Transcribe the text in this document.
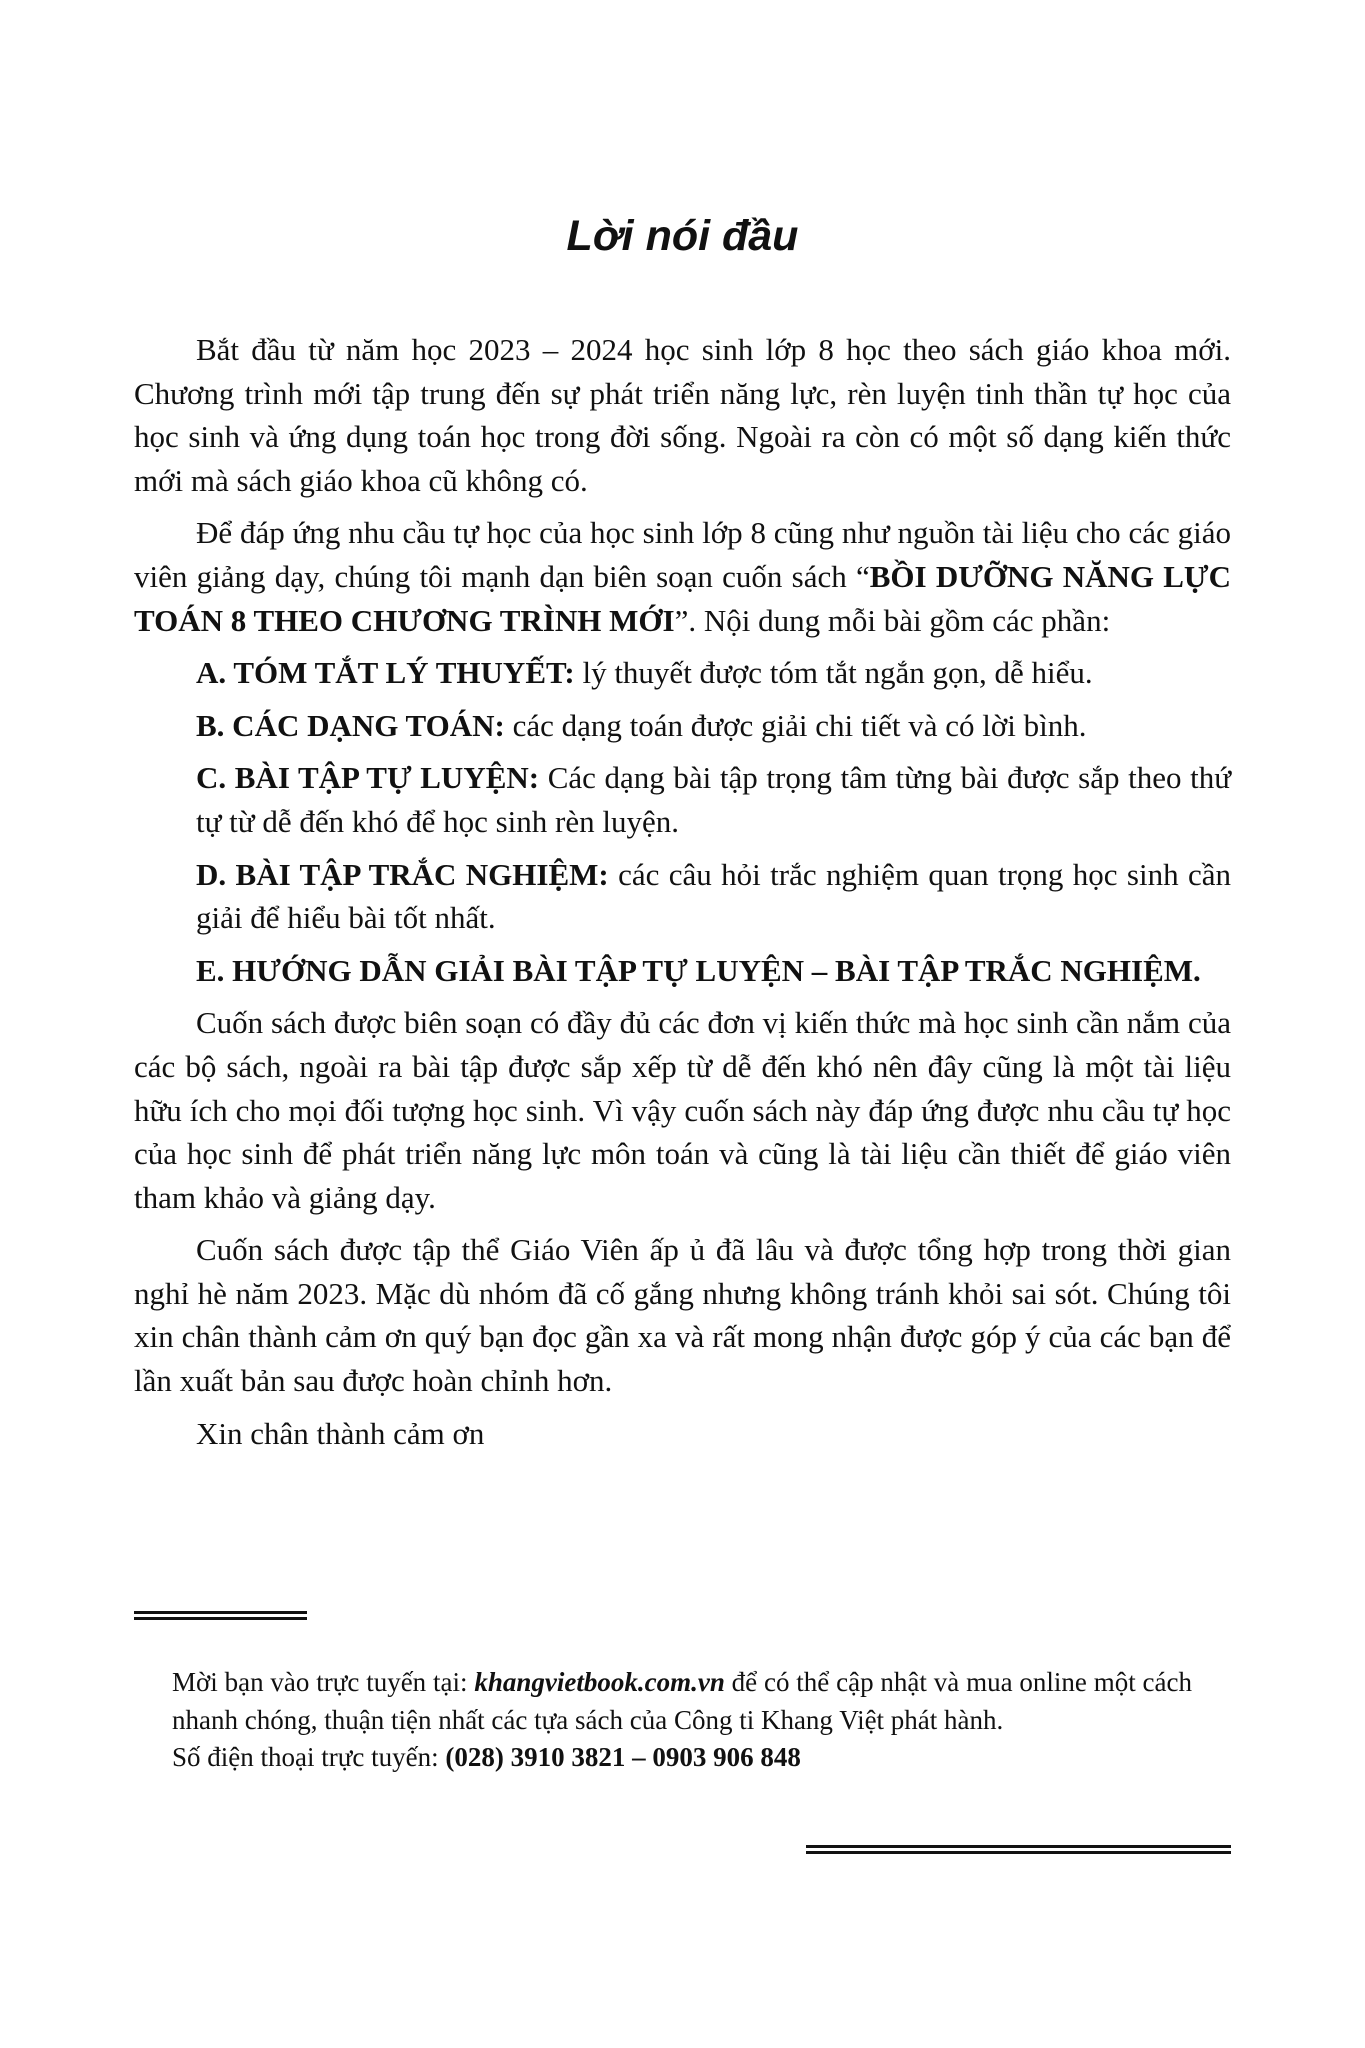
Lời nói đầu

Bắt đầu từ năm học 2023 – 2024 học sinh lớp 8 học theo sách giáo khoa mới. Chương trình mới tập trung đến sự phát triển năng lực, rèn luyện tinh thần tự học của học sinh và ứng dụng toán học trong đời sống. Ngoài ra còn có một số dạng kiến thức mới mà sách giáo khoa cũ không có.

Để đáp ứng nhu cầu tự học của học sinh lớp 8 cũng như nguồn tài liệu cho các giáo viên giảng dạy, chúng tôi mạnh dạn biên soạn cuốn sách “BỒI DƯỠNG NĂNG LỰC TOÁN 8 THEO CHƯƠNG TRÌNH MỚI”. Nội dung mỗi bài gồm các phần:

A. TÓM TẮT LÝ THUYẾT: lý thuyết được tóm tắt ngắn gọn, dễ hiểu.

B. CÁC DẠNG TOÁN: các dạng toán được giải chi tiết và có lời bình.

C. BÀI TẬP TỰ LUYỆN: Các dạng bài tập trọng tâm từng bài được sắp theo thứ tự từ dễ đến khó để học sinh rèn luyện.

D. BÀI TẬP TRẮC NGHIỆM: các câu hỏi trắc nghiệm quan trọng học sinh cần giải để hiểu bài tốt nhất.

E. HƯỚNG DẪN GIẢI BÀI TẬP TỰ LUYỆN – BÀI TẬP TRẮC NGHIỆM.

Cuốn sách được biên soạn có đầy đủ các đơn vị kiến thức mà học sinh cần nắm của các bộ sách, ngoài ra bài tập được sắp xếp từ dễ đến khó nên đây cũng là một tài liệu hữu ích cho mọi đối tượng học sinh. Vì vậy cuốn sách này đáp ứng được nhu cầu tự học của học sinh để phát triển năng lực môn toán và cũng là tài liệu cần thiết để giáo viên tham khảo và giảng dạy.

Cuốn sách được tập thể Giáo Viên ấp ủ đã lâu và được tổng hợp trong thời gian nghỉ hè năm 2023. Mặc dù nhóm đã cố gắng nhưng không tránh khỏi sai sót. Chúng tôi xin chân thành cảm ơn quý bạn đọc gần xa và rất mong nhận được góp ý của các bạn để lần xuất bản sau được hoàn chỉnh hơn.

Xin chân thành cảm ơn

Mời bạn vào trực tuyến tại: khangvietbook.com.vn để có thể cập nhật và mua online một cách nhanh chóng, thuận tiện nhất các tựa sách của Công ti Khang Việt phát hành.

Số điện thoại trực tuyến: (028) 3910 3821 – 0903 906 848
